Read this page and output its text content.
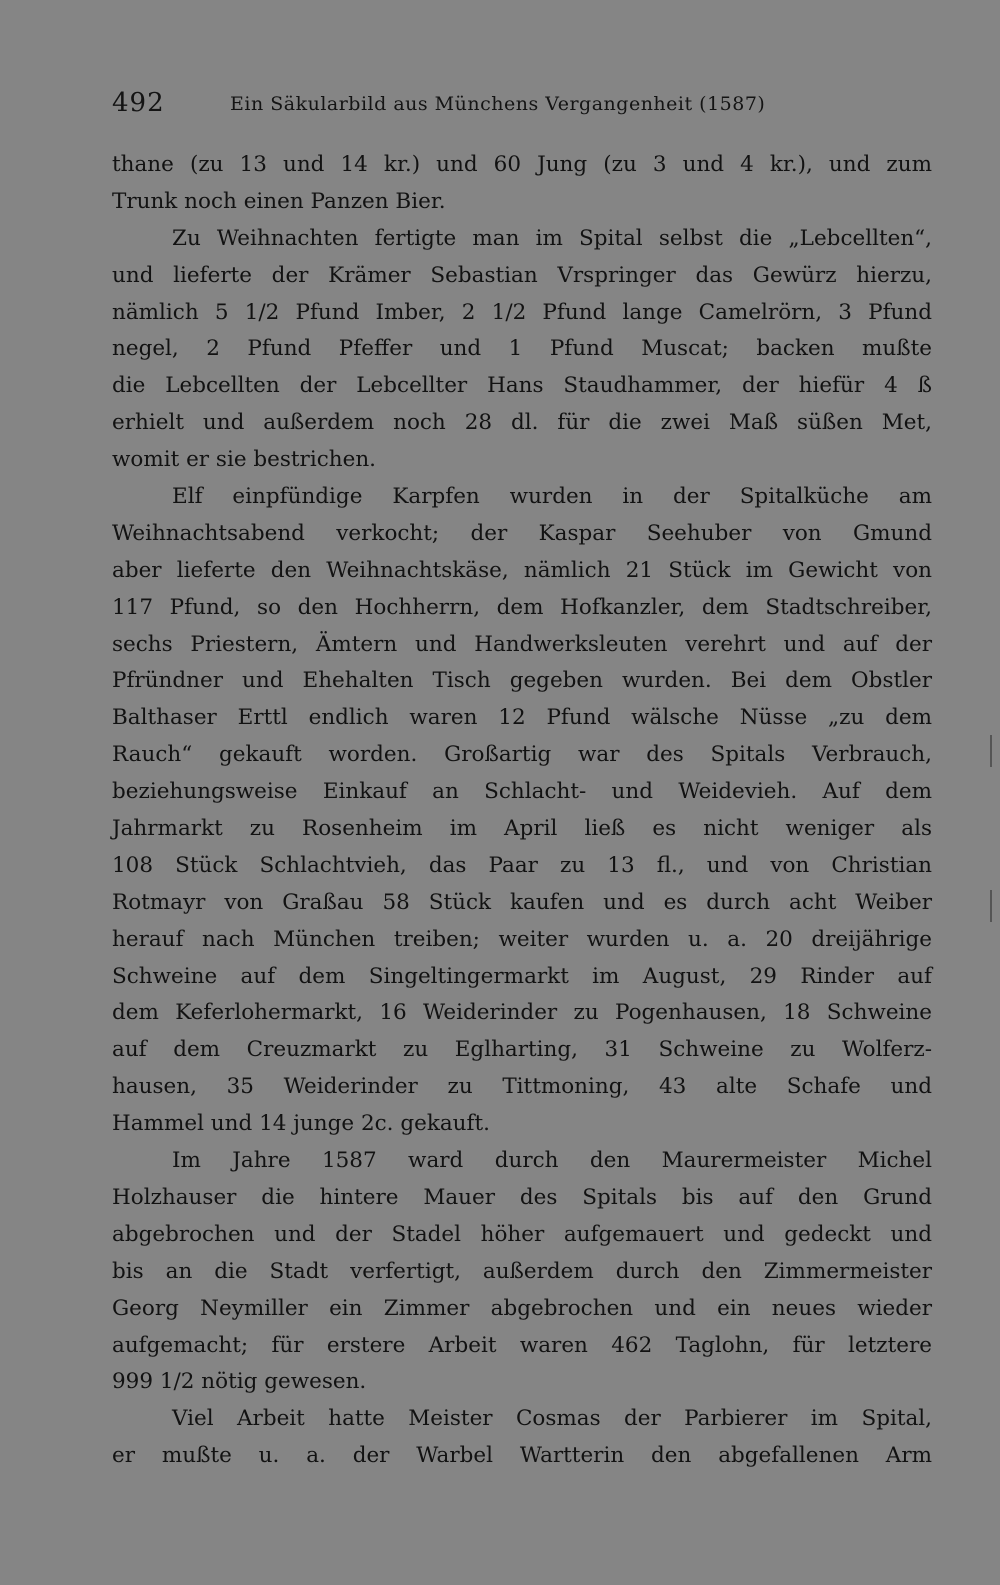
492	Ein Säkularbild aus Münchens Vergangenheit (1587)
thane (zu 13 und 14 kr.) und 60 Jung (zu 3 und 4 kr.), und zum
Trunk noch einen Panzen Bier.
Zu Weihnachten fertigte man im Spital selbst die „Lebcellten“,
und lieferte der Krämer Sebastian Vrspringer das Gewürz hierzu,
nämlich 5 1/2 Pfund Imber, 2 1/2 Pfund lange Camelrörn, 3 Pfund
negel, 2 Pfund Pfeffer und 1 Pfund Muscat; backen mußte
die Lebcellten der Lebcellter Hans Staudhammer, der hiefür 4 ß
erhielt und außerdem noch 28 dl. für die zwei Maß süßen Met,
womit er sie bestrichen.
Elf einpfündige Karpfen wurden in der Spitalküche am
Weihnachtsabend verkocht; der Kaspar Seehuber von Gmund
aber lieferte den Weihnachtskäse, nämlich 21 Stück im Gewicht von
117 Pfund, so den Hochherrn, dem Hofkanzler, dem Stadtschreiber,
sechs Priestern, Ämtern und Handwerksleuten verehrt und auf der
Pfründner und Ehehalten Tisch gegeben wurden. Bei dem Obstler
Balthaser Erttl endlich waren 12 Pfund wälsche Nüsse „zu dem
Rauch“ gekauft worden. Großartig war des Spitals Verbrauch,
beziehungsweise Einkauf an Schlacht- und Weidevieh. Auf dem
Jahrmarkt zu Rosenheim im April ließ es nicht weniger als
108 Stück Schlachtvieh, das Paar zu 13 fl., und von Christian
Rotmayr von Graßau 58 Stück kaufen und es durch acht Weiber
herauf nach München treiben; weiter wurden u. a. 20 dreijährige
Schweine auf dem Singeltingermarkt im August, 29 Rinder auf
dem Keferlohermarkt, 16 Weiderinder zu Pogenhausen, 18 Schweine
auf dem Creuzmarkt zu Eglharting, 31 Schweine zu Wolferz-
hausen, 35 Weiderinder zu Tittmoning, 43 alte Schafe und
Hammel und 14 junge 2c. gekauft.
Im Jahre 1587 ward durch den Maurermeister Michel
Holzhauser die hintere Mauer des Spitals bis auf den Grund
abgebrochen und der Stadel höher aufgemauert und gedeckt und
bis an die Stadt verfertigt, außerdem durch den Zimmermeister
Georg Neymiller ein Zimmer abgebrochen und ein neues wieder
aufgemacht; für erstere Arbeit waren 462 Taglohn, für letztere
999 1/2 nötig gewesen.
Viel Arbeit hatte Meister Cosmas der Parbierer im Spital,
er mußte u. a. der Warbel Wartterin den abgefallenen Arm
